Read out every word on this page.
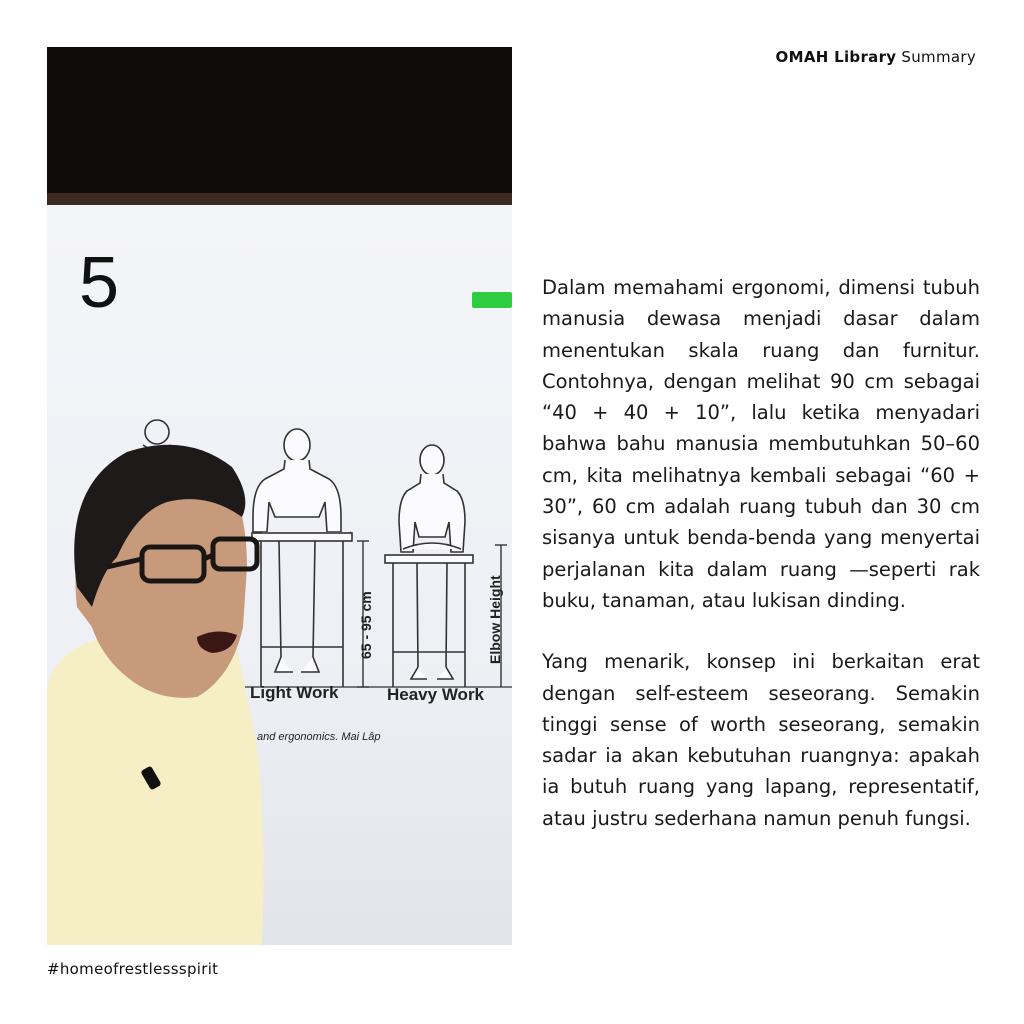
OMAH Library Summary
5
Light Work	Heavy Work
65 - 95 cm	Elbow Height
and ergonomics. Mai Lâp

Dalam memahami ergonomi, dimensi tubuh manusia dewasa menjadi dasar dalam menentukan skala ruang dan furnitur. Contohnya, dengan melihat 90 cm sebagai “40 + 40 + 10”, lalu ketika menyadari bahwa bahu manusia membutuhkan 50–60 cm, kita melihatnya kembali sebagai “60 + 30”, 60 cm adalah ruang tubuh dan 30 cm sisanya untuk benda-benda yang menyertai perjalanan kita dalam ruang —seperti rak buku, tanaman, atau lukisan dinding.

Yang menarik, konsep ini berkaitan erat dengan self-esteem seseorang. Semakin tinggi sense of worth seseorang, semakin sadar ia akan kebutuhan ruangnya: apakah ia butuh ruang yang lapang, representatif, atau justru sederhana namun penuh fungsi.

#homeofrestlessspirit
